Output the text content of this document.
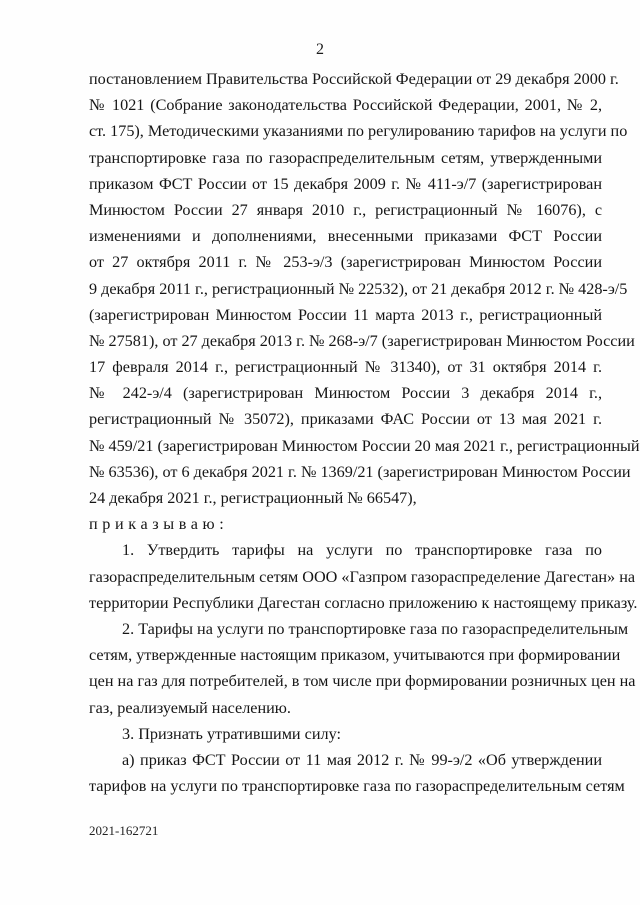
2
постановлением Правительства Российской Федерации от 29 декабря 2000 г.
№ 1021 (Собрание законодательства Российской Федерации, 2001, № 2,
ст. 175), Методическими указаниями по регулированию тарифов на услуги по
транспортировке газа по газораспределительным сетям, утвержденными
приказом ФСТ России от 15 декабря 2009 г. № 411-э/7 (зарегистрирован
Минюстом России 27 января 2010 г., регистрационный № 16076), с
изменениями и дополнениями, внесенными приказами ФСТ России
от 27 октября 2011 г. № 253-э/3 (зарегистрирован Минюстом России
9 декабря 2011 г., регистрационный № 22532), от 21 декабря 2012 г. № 428-э/5
(зарегистрирован Минюстом России 11 марта 2013 г., регистрационный
№ 27581), от 27 декабря 2013 г. № 268-э/7 (зарегистрирован Минюстом России
17 февраля 2014 г., регистрационный № 31340), от 31 октября 2014 г.
№ 242-э/4 (зарегистрирован Минюстом России 3 декабря 2014 г.,
регистрационный № 35072), приказами ФАС России от 13 мая 2021 г.
№ 459/21 (зарегистрирован Минюстом России 20 мая 2021 г., регистрационный
№ 63536), от 6 декабря 2021 г. № 1369/21 (зарегистрирован Минюстом России
24 декабря 2021 г., регистрационный № 66547),
приказываю:
1. Утвердить тарифы на услуги по транспортировке газа по
газораспределительным сетям ООО «Газпром газораспределение Дагестан» на
территории Республики Дагестан согласно приложению к настоящему приказу.
2. Тарифы на услуги по транспортировке газа по газораспределительным
сетям, утвержденные настоящим приказом, учитываются при формировании
цен на газ для потребителей, в том числе при формировании розничных цен на
газ, реализуемый населению.
3. Признать утратившими силу:
а) приказ ФСТ России от 11 мая 2012 г. № 99-э/2 «Об утверждении
тарифов на услуги по транспортировке газа по газораспределительным сетям
2021-162721
